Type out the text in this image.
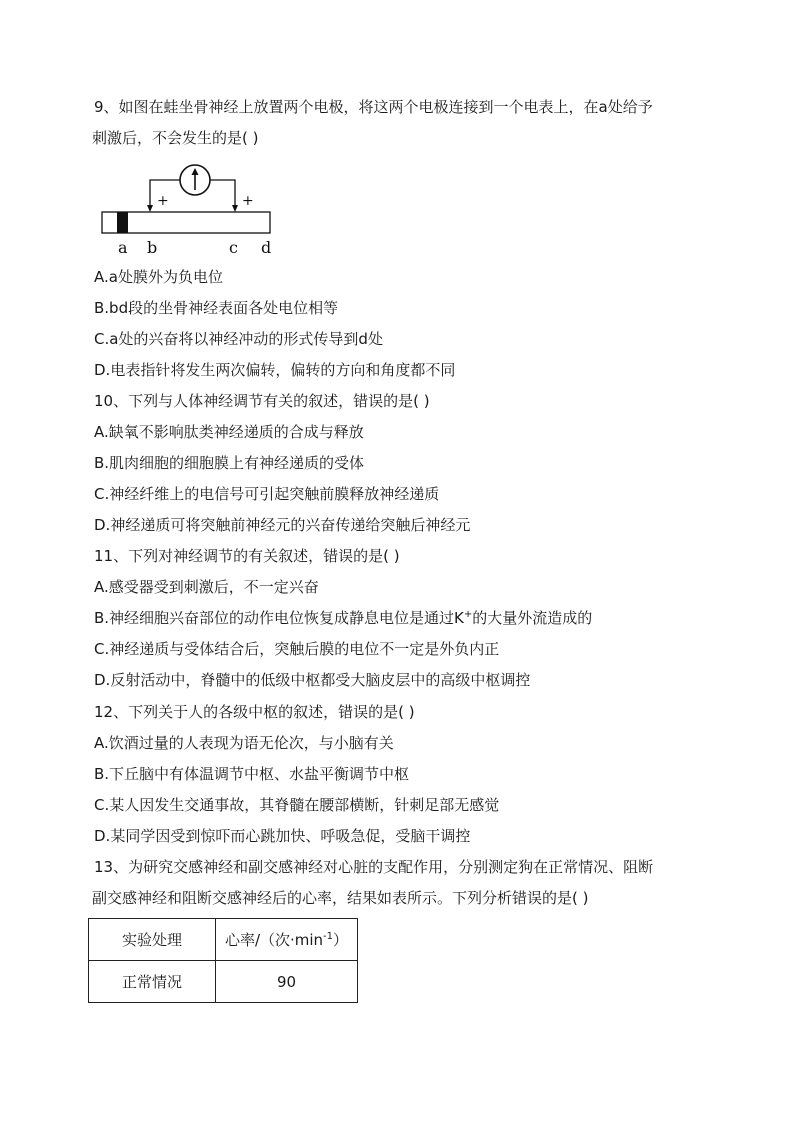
9、如图在蛙坐骨神经上放置两个电极，将这两个电极连接到一个电表上，在a处给予
刺激后，不会发生的是( )
+	+
a b	c d
A.a处膜外为负电位
B.bd段的坐骨神经表面各处电位相等
C.a处的兴奋将以神经冲动的形式传导到d处
D.电表指针将发生两次偏转，偏转的方向和角度都不同
10、下列与人体神经调节有关的叙述，错误的是( )
A.缺氧不影响肽类神经递质的合成与释放
B.肌肉细胞的细胞膜上有神经递质的受体
C.神经纤维上的电信号可引起突触前膜释放神经递质
D.神经递质可将突触前神经元的兴奋传递给突触后神经元
11、下列对神经调节的有关叙述，错误的是( )
A.感受器受到刺激后，不一定兴奋
B.神经细胞兴奋部位的动作电位恢复成静息电位是通过K+的大量外流造成的
C.神经递质与受体结合后，突触后膜的电位不一定是外负内正
D.反射活动中，脊髓中的低级中枢都受大脑皮层中的高级中枢调控
12、下列关于人的各级中枢的叙述，错误的是( )
A.饮酒过量的人表现为语无伦次，与小脑有关
B.下丘脑中有体温调节中枢、水盐平衡调节中枢
C.某人因发生交通事故，其脊髓在腰部横断，针刺足部无感觉
D.某同学因受到惊吓而心跳加快、呼吸急促，受脑干调控
13、为研究交感神经和副交感神经对心脏的支配作用，分别测定狗在正常情况、阻断
副交感神经和阻断交感神经后的心率，结果如表所示。下列分析错误的是( )
实验处理	心率/（次$\cdot\min^{-1}$）
正常情况	90
